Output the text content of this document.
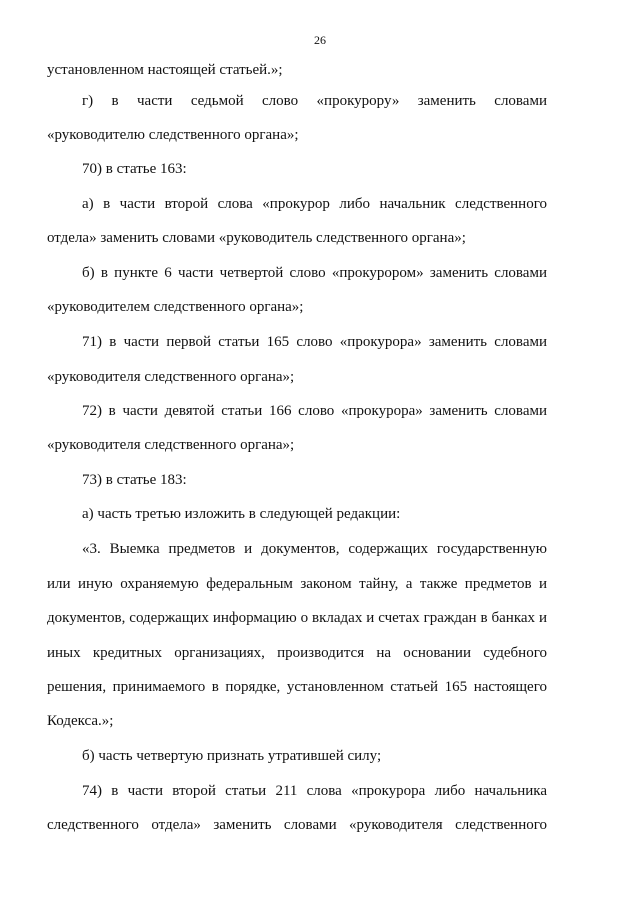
26
установленном настоящей статьей.»;
г) в части седьмой слово «прокурору» заменить словами
«руководителю следственного органа»;
70) в статье 163:
а) в части второй слова «прокурор либо начальник следственного
отдела» заменить словами «руководитель следственного органа»;
б) в пункте 6 части четвертой слово «прокурором» заменить словами
«руководителем следственного органа»;
71) в части первой статьи 165 слово «прокурора» заменить словами
«руководителя следственного органа»;
72) в части девятой статьи 166 слово «прокурора» заменить словами
«руководителя следственного органа»;
73) в статье 183:
а) часть третью изложить в следующей редакции:
«3. Выемка предметов и документов, содержащих государственную
или иную охраняемую федеральным законом тайну, а также предметов и
документов, содержащих информацию о вкладах и счетах граждан в банках и
иных кредитных организациях, производится на основании судебного
решения, принимаемого в порядке, установленном статьей 165 настоящего
Кодекса.»;
б) часть четвертую признать утратившей силу;
74) в части второй статьи 211 слова «прокурора либо начальника
следственного отдела» заменить словами «руководителя следственного
